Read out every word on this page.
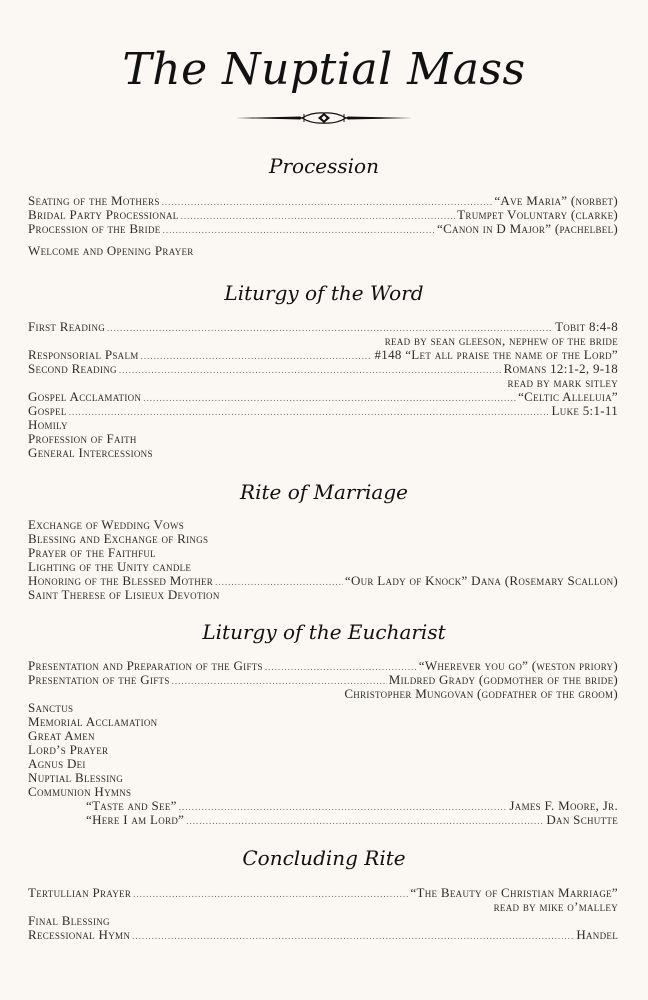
The Nuptial Mass
Procession
Seating of the Mothers .....	“Ave Maria” (norbet)
Bridal Party Processional .....	Trumpet Voluntary (clarke)
Procession of the Bride .....	“Canon in D Major” (pachelbel)
Welcome and Opening Prayer
Liturgy of the Word
First Reading .....	Tobit 8:4-8
read by sean gleeson, nephew of the bride
Responsorial Psalm .....	#148 “Let all praise the name of the Lord”
Second Reading .....	Romans 12:1-2, 9-18
read by mark sitley
Gospel Acclamation .....	“Celtic Alleluia”
Gospel .....	Luke 5:1-11
Homily
Profession of Faith
General Intercessions
Rite of Marriage
Exchange of Wedding Vows
Blessing and Exchange of Rings
Prayer of the Faithful
Lighting of the Unity candle
Honoring of the Blessed Mother .....	“Our Lady of Knock” Dana (Rosemary Scallon)
Saint Therese of Lisieux Devotion
Liturgy of the Eucharist
Presentation and Preparation of the Gifts .....	“Wherever you go” (weston priory)
Presentation of the Gifts .....	Mildred Grady (godmother of the bride)
Christopher Mungovan (godfather of the groom)
Sanctus
Memorial Acclamation
Great Amen
Lord’s Prayer
Agnus Dei
Nuptial Blessing
Communion Hymns
“Taste and See” .....	James F. Moore, Jr.
“Here I am Lord” .....	Dan Schutte
Concluding Rite
Tertullian Prayer .....	“The Beauty of Christian Marriage”
read by mike o’malley
Final Blessing
Recessional Hymn .....	Handel
